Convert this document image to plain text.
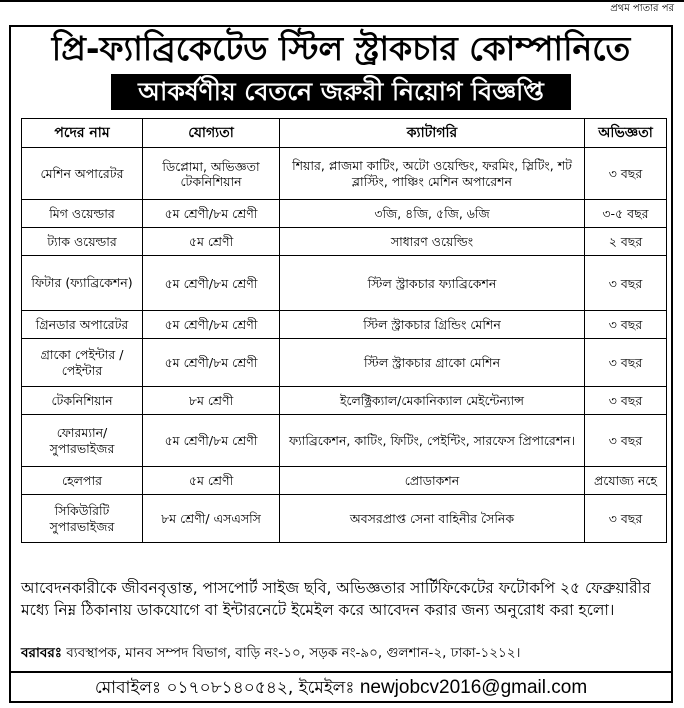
প্রথম পাতার পর
প্রি-ফ্যাব্রিকেটেড স্টিল স্ট্রাকচার কোম্পানিতে
আকর্ষণীয় বেতনে জরুরী নিয়োগ বিজ্ঞপ্তি
পদের নাম	যোগ্যতা	ক্যাটাগরি	অভিজ্ঞতা
মেশিন অপারেটর	ডিপ্লোমা, অভিজ্ঞতা টেকনিশিয়ান	শিয়ার, প্লাজমা কাটিং, অটো ওয়েল্ডিং, ফরমিং, স্লিটিং, শট ব্লাস্টিং, পাঞ্চিং মেশিন অপারেশন	৩ বছর
মিগ ওয়েল্ডার	৫ম শ্রেণী/৮ম শ্রেণী	৩জি, ৪জি, ৫জি, ৬জি	৩-৫ বছর
ট্যাক ওয়েল্ডার	৫ম শ্রেণী	সাধারণ ওয়েল্ডিং	২ বছর
ফিটার (ফ্যাব্রিকেশন)	৫ম শ্রেণী/৮ম শ্রেণী	স্টিল স্ট্রাকচার ফ্যাব্রিকেশন	৩ বছর
গ্রিনডার অপারেটর	৫ম শ্রেণী/৮ম শ্রেণী	স্টিল স্ট্রাকচার গ্রিন্ডিং মেশিন	৩ বছর
গ্রাকো পেইন্টার / পেইন্টার	৫ম শ্রেণী/৮ম শ্রেণী	স্টিল স্ট্রাকচার গ্রাকো মেশিন	৩ বছর
টেকনিশিয়ান	৮ম শ্রেণী	ইলেক্ট্রিক্যাল/মেকানিক্যাল মেইন্টেন্যান্স	৩ বছর
ফোরম্যান/ সুপারভাইজর	৫ম শ্রেণী/৮ম শ্রেণী	ফ্যাব্রিকেশন, কাটিং, ফিটিং, পেইন্টিং, সারফেস প্রিপারেশন।	৩ বছর
হেলপার	৫ম শ্রেণী	প্রোডাকশন	প্রযোজ্য নহে
সিকিউরিটি সুপারভাইজর	৮ম শ্রেণী/ এসএসসি	অবসরপ্রাপ্ত সেনা বাহিনীর সৈনিক	৩ বছর
আবেদনকারীকে জীবনবৃত্তান্ত, পাসপোর্ট সাইজ ছবি, অভিজ্ঞতার সার্টিফিকেটের ফটোকপি ২৫ ফেব্রুয়ারীর মধ্যে নিম্ন ঠিকানায় ডাকযোগে বা ইন্টারনেটে ইমেইল করে আবেদন করার জন্য অনুরোধ করা হলো।
বরাবরঃ ব্যবস্থাপক, মানব সম্পদ বিভাগ, বাড়ি নং-১০, সড়ক নং-৯০, গুলশান-২, ঢাকা-১২১২।
মোবাইলঃ ০১৭০৮১৪০৫৪২, ইমেইলঃ newjobcv2016@gmail.com
